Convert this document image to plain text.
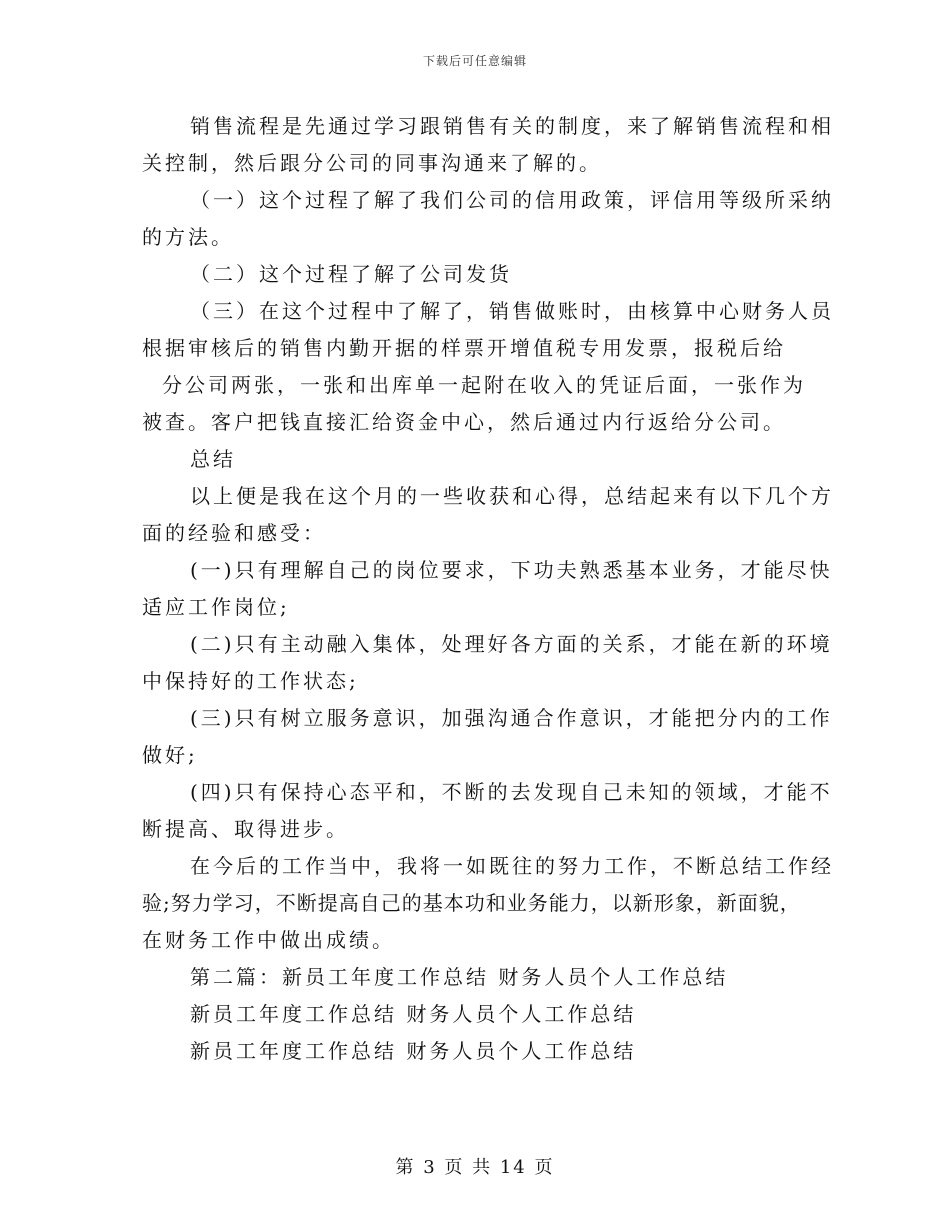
下载后可任意编辑
销售流程是先通过学习跟销售有关的制度，来了解销售流程和相
关控制，然后跟分公司的同事沟通来了解的。
（一）这个过程了解了我们公司的信用政策，评信用等级所采纳
的方法。
（二）这个过程了解了公司发货
（三）在这个过程中了解了，销售做账时，由核算中心财务人员
根据审核后的销售内勤开据的样票开增值税专用发票，报税后给
分公司两张，一张和出库单一起附在收入的凭证后面，一张作为
被查。客户把钱直接汇给资金中心，然后通过内行返给分公司。
总结
以上便是我在这个月的一些收获和心得，总结起来有以下几个方
面的经验和感受：
(一)只有理解自己的岗位要求，下功夫熟悉基本业务，才能尽快
适应工作岗位;
(二)只有主动融入集体，处理好各方面的关系，才能在新的环境
中保持好的工作状态;
(三)只有树立服务意识，加强沟通合作意识，才能把分内的工作
做好;
(四)只有保持心态平和，不断的去发现自己未知的领域，才能不
断提高、取得进步。
在今后的工作当中，我将一如既往的努力工作，不断总结工作经
验;努力学习，不断提高自己的基本功和业务能力，以新形象，新面貌，
在财务工作中做出成绩。
第二篇：新员工年度工作总结 财务人员个人工作总结
新员工年度工作总结 财务人员个人工作总结
新员工年度工作总结 财务人员个人工作总结
第 3 页 共 14 页
